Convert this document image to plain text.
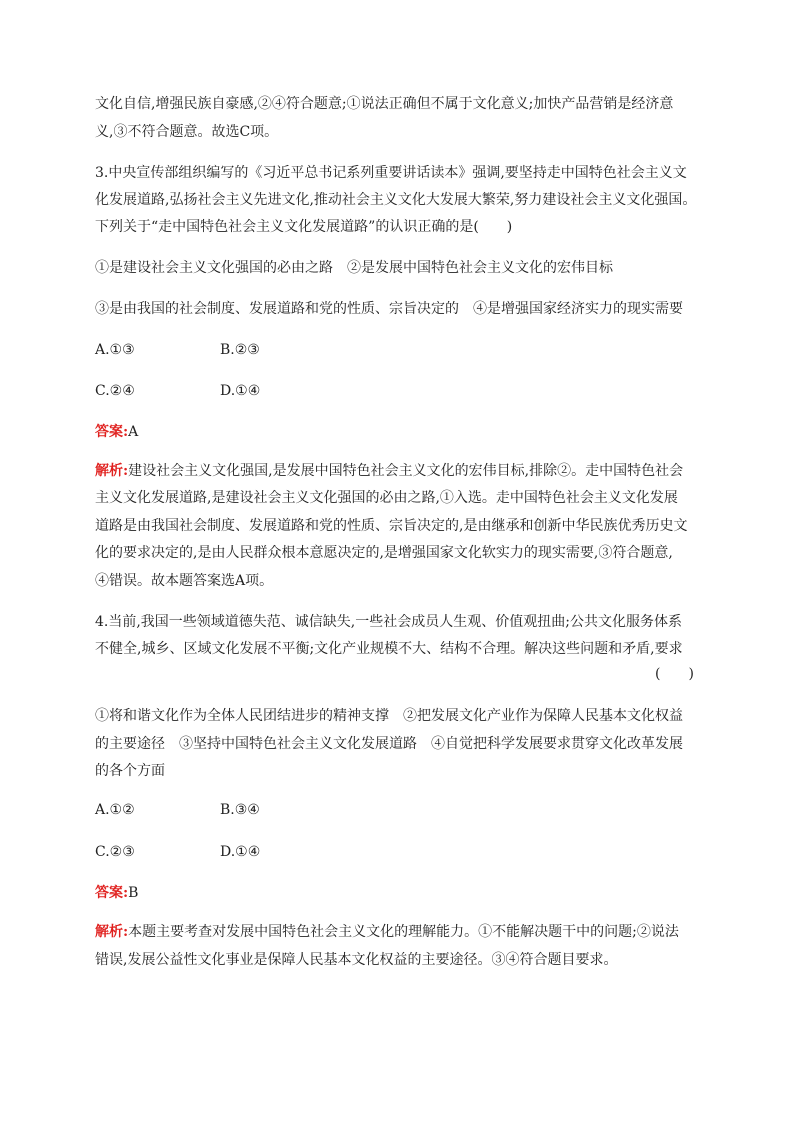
文化自信,增强民族自豪感,②④符合题意;①说法正确但不属于文化意义;加快产品营销是经济意
义,③不符合题意。故选C项。
3.中央宣传部组织编写的《习近平总书记系列重要讲话读本》强调,要坚持走中国特色社会主义文
化发展道路,弘扬社会主义先进文化,推动社会主义文化大发展大繁荣,努力建设社会主义文化强国。
下列关于“走中国特色社会主义文化发展道路”的认识正确的是(　　)
①是建设社会主义文化强国的必由之路　②是发展中国特色社会主义文化的宏伟目标
③是由我国的社会制度、发展道路和党的性质、宗旨决定的　④是增强国家经济实力的现实需要
A.①③	B.②③
C.②④	D.①④
答案:A
解析:建设社会主义文化强国,是发展中国特色社会主义文化的宏伟目标,排除②。走中国特色社会
主义文化发展道路,是建设社会主义文化强国的必由之路,①入选。走中国特色社会主义文化发展
道路是由我国社会制度、发展道路和党的性质、宗旨决定的,是由继承和创新中华民族优秀历史文
化的要求决定的,是由人民群众根本意愿决定的,是增强国家文化软实力的现实需要,③符合题意,
④错误。故本题答案选A项。
4.当前,我国一些领域道德失范、诚信缺失,一些社会成员人生观、价值观扭曲;公共文化服务体系
不健全,城乡、区域文化发展不平衡;文化产业规模不大、结构不合理。解决这些问题和矛盾,要求
(　　)
①将和谐文化作为全体人民团结进步的精神支撑　②把发展文化产业作为保障人民基本文化权益
的主要途径　③坚持中国特色社会主义文化发展道路　④自觉把科学发展要求贯穿文化改革发展
的各个方面
A.①②	B.③④
C.②③	D.①④
答案:B
解析:本题主要考查对发展中国特色社会主义文化的理解能力。①不能解决题干中的问题;②说法
错误,发展公益性文化事业是保障人民基本文化权益的主要途径。③④符合题目要求。
